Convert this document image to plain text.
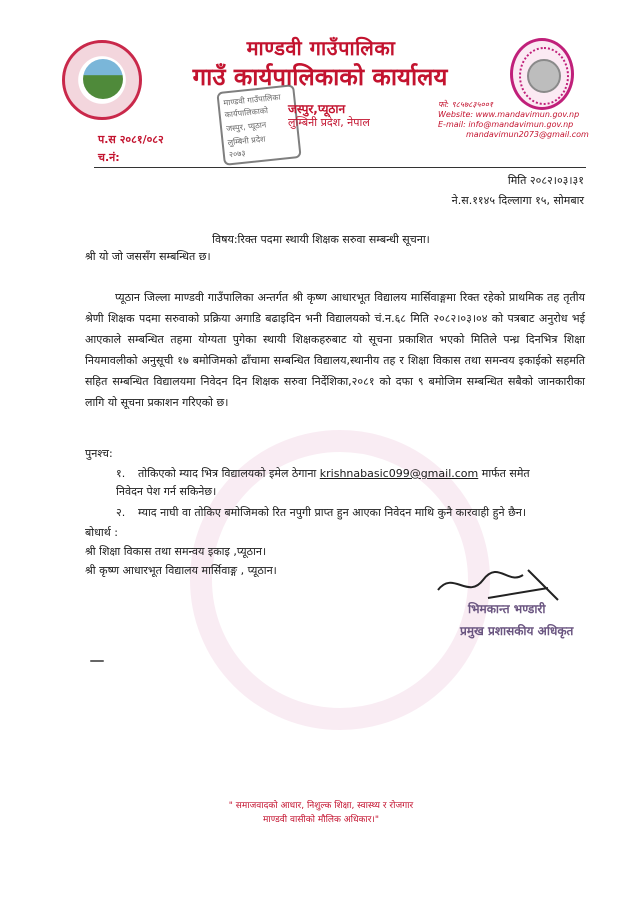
माण्डवी गाउँपालिका
गाउँ कार्यपालिकाको कार्यालय
माण्डवी गाउँपालिका
कार्यपालिकाको
जस्पुर, प्यूठान
लुम्बिनी प्रदेश
२०७३
जस्पुर,प्यूठान
लुम्बिनी प्रदेश, नेपाल
फो: ९८५७८३५००१
Website: www.mandavimun.gov.np
E-mail: info@mandavimun.gov.np
mandavimun2073@gmail.com
प.स २०८१/०८२
च.नं:
मिति २०८२।०३।३१
ने.स.११४५ दिल्लागा १५, सोमबार
विषय:रिक्त पदमा स्थायी शिक्षक सरुवा सम्बन्धी सूचना।
श्री यो जो जससँग सम्बन्धित छ।
प्यूठान जिल्ला माण्डवी गाउँपालिका अन्तर्गत श्री कृष्ण आधारभूत विद्यालय मार्सिवाङ्गमा रिक्त रहेको प्राथमिक तह तृतीय श्रेणी शिक्षक पदमा सरुवाको प्रक्रिया अगाडि बढाइदिन भनी विद्यालयको चं.न.६८ मिति २०८२।०३।०४ को पत्रबाट अनुरोध भई आएकाले सम्बन्धित तहमा योग्यता पुगेका स्थायी शिक्षकहरुबाट यो सूचना प्रकाशित भएको मितिले पन्ध्र दिनभित्र शिक्षा नियमावलीको अनुसूची १७ बमोजिमको ढाँचामा सम्बन्धित विद्यालय,स्थानीय तह र शिक्षा विकास तथा समन्वय इकाईको सहमति सहित सम्बन्धित विद्यालयमा निवेदन दिन शिक्षक सरुवा निर्देशिका,२०८१ को दफा ९ बमोजिम सम्बन्धित सबैको जानकारीका लागि यो सूचना प्रकाशन गरिएको छ।
पुनश्च:
१. तोकिएको म्याद भित्र विद्यालयको इमेल ठेगाना krishnabasic099@gmail.com मार्फत समेत निवेदन पेश गर्न सकिनेछ।
२. म्याद नाघी वा तोकिए बमोजिमको रित नपुगी प्राप्त हुन आएका निवेदन माथि कुनै कारवाही हुने छैन।
बोधार्थ :
श्री शिक्षा विकास तथा समन्वय इकाइ ,प्यूठान।
श्री कृष्ण आधारभूत विद्यालय मार्सिवाङ्ग , प्यूठान।
भिमकान्त भण्डारी
प्रमुख प्रशासकीय अधिकृत
" समाजवादको आधार, निशुल्क शिक्षा, स्वास्थ्य र रोजगार
माण्डवी वासीको मौलिक अधिकार।"
